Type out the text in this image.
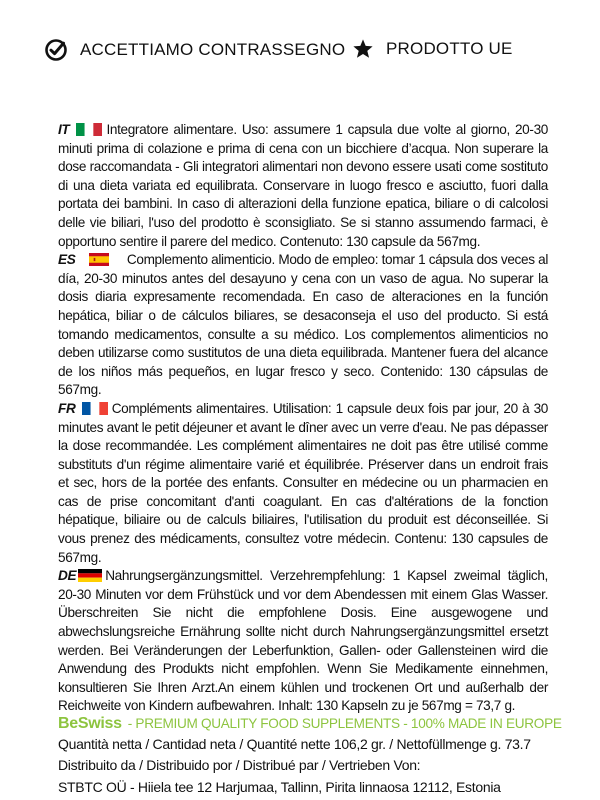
ACCETTIAMO CONTRASSEGNO PRODOTTO UE

IT	Integratore alimentare. Uso: assumere 1 capsula due volte al giorno, 20-30 minuti prima di colazione e prima di cena con un bicchiere d’acqua. Non superare la dose raccomandata - Gli integratori alimentari non devono essere usati come sostituto di una dieta variata ed equilibrata. Conservare in luogo fresco e asciutto, fuori dalla portata dei bambini. In caso di alterazioni della funzione epatica, biliare o di calcolosi delle vie biliari, l'uso del prodotto è sconsigliato. Se si stanno assumendo farmaci, è opportuno sentire il parere del medico. Contenuto: 130 capsule da 567mg.

ES	Complemento alimenticio. Modo de empleo: tomar 1 cápsula dos veces al día, 20-30 minutos antes del desayuno y cena con un vaso de agua. No superar la dosis diaria expresamente recomendada. En caso de alteraciones en la función hepática, biliar o de cálculos biliares, se desaconseja el uso del producto. Si está tomando medicamentos, consulte a su médico. Los complementos alimenticios no deben utilizarse como sustitutos de una dieta equilibrada. Mantener fuera del alcance de los niños más pequeños, en lugar fresco y seco. Contenido: 130 cápsulas de 567mg.

FR	Compléments alimentaires. Utilisation: 1 capsule deux fois par jour, 20 à 30 minutes avant le petit déjeuner et avant le dîner avec un verre d'eau. Ne pas dépasser la dose recommandée. Les complément alimentaires ne doit pas être utilisé comme substituts d'un régime alimentaire varié et équilibrée. Préserver dans un endroit frais et sec, hors de la portée des enfants. Consulter en médecine ou un pharmacien en cas de prise concomitant d'anti coagulant. En cas d'altérations de la fonction hépatique, biliaire ou de calculs biliaires, l'utilisation du produit est déconseillée. Si vous prenez des médicaments, consultez votre médecin. Contenu: 130 capsules de 567mg.

DE Nahrungsergänzungsmittel. Verzehrempfehlung: 1 Kapsel zweimal täglich, 20-30 Minuten vor dem Frühstück und vor dem Abendessen mit einem Glas Wasser. Überschreiten Sie nicht die empfohlene Dosis. Eine ausgewogene und abwechslungsreiche Ernährung sollte nicht durch Nahrungsergänzungsmittel ersetzt werden. Bei Veränderungen der Leberfunktion, Gallen- oder Gallensteinen wird die Anwendung des Produkts nicht empfohlen. Wenn Sie Medikamente einnehmen, konsultieren Sie Ihren Arzt.An einem kühlen und trockenen Ort und außerhalb der Reichweite von Kindern aufbewahren. Inhalt: 130 Kapseln zu je 567mg = 73,7 g.

BeSwiss - PREMIUM QUALITY FOOD SUPPLEMENTS - 100% MADE IN EUROPE
Quantità netta / Cantidad neta / Quantité nette 106,2 gr. / Nettofüllmenge g. 73.7
Distribuito da / Distribuido por / Distribué par / Vertrieben Von:
STBTC OÜ - Hiiela tee 12 Harjumaa, Tallinn, Pirita linnaosa 12112, Estonia
